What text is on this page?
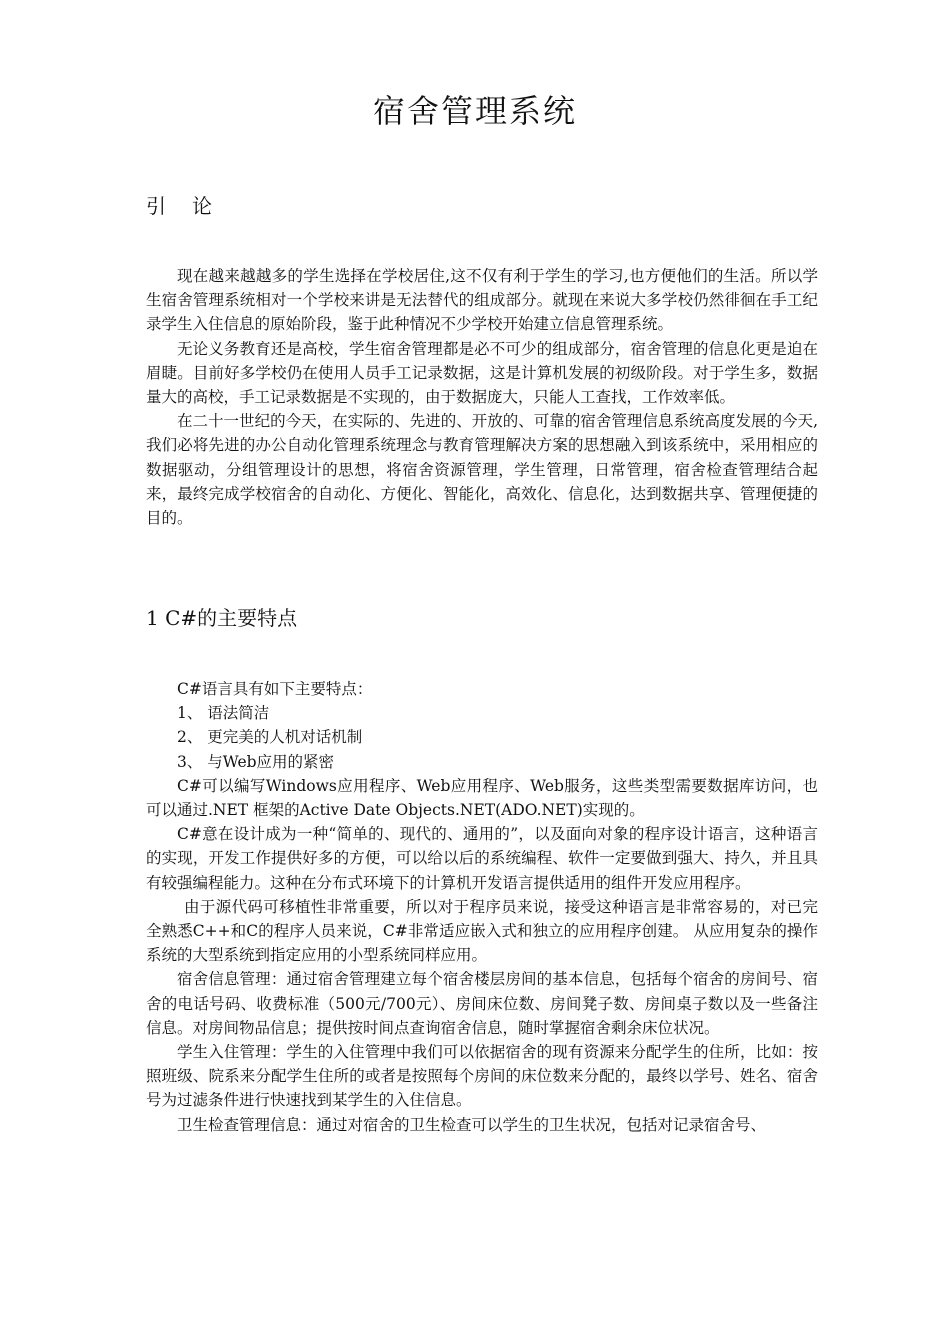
宿舍管理系统
引论

现在越来越越多的学生选择在学校居住,这不仅有利于学生的学习,也方便他们的生活。所以学生宿舍管理系统相对一个学校来讲是无法替代的组成部分。就现在来说大多学校仍然徘徊在手工纪录学生入住信息的原始阶段，鉴于此种情况不少学校开始建立信息管理系统。

无论义务教育还是高校，学生宿舍管理都是必不可少的组成部分，宿舍管理的信息化更是迫在眉睫。目前好多学校仍在使用人员手工记录数据，这是计算机发展的初级阶段。对于学生多，数据量大的高校，手工记录数据是不实现的，由于数据庞大，只能人工查找，工作效率低。

在二十一世纪的今天，在实际的、先进的、开放的、可靠的宿舍管理信息系统高度发展的今天,我们必将先进的办公自动化管理系统理念与教育管理解决方案的思想融入到该系统中，采用相应的数据驱动，分组管理设计的思想，将宿舍资源管理，学生管理，日常管理，宿舍检查管理结合起来，最终完成学校宿舍的自动化、方便化、智能化，高效化、信息化，达到数据共享、管理便捷的目的。

1 C#的主要特点

C#语言具有如下主要特点：

1、 语法简洁

2、 更完美的人机对话机制

3、 与Web应用的紧密

C#可以编写Windows应用程序、Web应用程序、Web服务，这些类型需要数据库访问，也可以通过.NET 框架的Active Date Objects.NET(ADO.NET)实现的。

C#意在设计成为一种“简单的、现代的、通用的”，以及面向对象的程序设计语言，这种语言的实现，开发工作提供好多的方便，可以给以后的系统编程、软件一定要做到强大、持久，并且具有较强编程能力。这种在分布式环境下的计算机开发语言提供适用的组件开发应用程序。

由于源代码可移植性非常重要，所以对于程序员来说，接受这种语言是非常容易的，对已完全熟悉C++和C的程序人员来说，C#非常适应嵌入式和独立的应用程序创建。 从应用复杂的操作系统的大型系统到指定应用的小型系统同样应用。

宿舍信息管理：通过宿舍管理建立每个宿舍楼层房间的基本信息，包括每个宿舍的房间号、宿舍的电话号码、收费标准（500元/700元）、房间床位数、房间凳子数、房间桌子数以及一些备注信息。对房间物品信息；提供按时间点查询宿舍信息，随时掌握宿舍剩余床位状况。

学生入住管理：学生的入住管理中我们可以依据宿舍的现有资源来分配学生的住所，比如：按照班级、院系来分配学生住所的或者是按照每个房间的床位数来分配的，最终以学号、姓名、宿舍号为过滤条件进行快速找到某学生的入住信息。

卫生检查管理信息：通过对宿舍的卫生检查可以学生的卫生状况，包括对记录宿舍号、
